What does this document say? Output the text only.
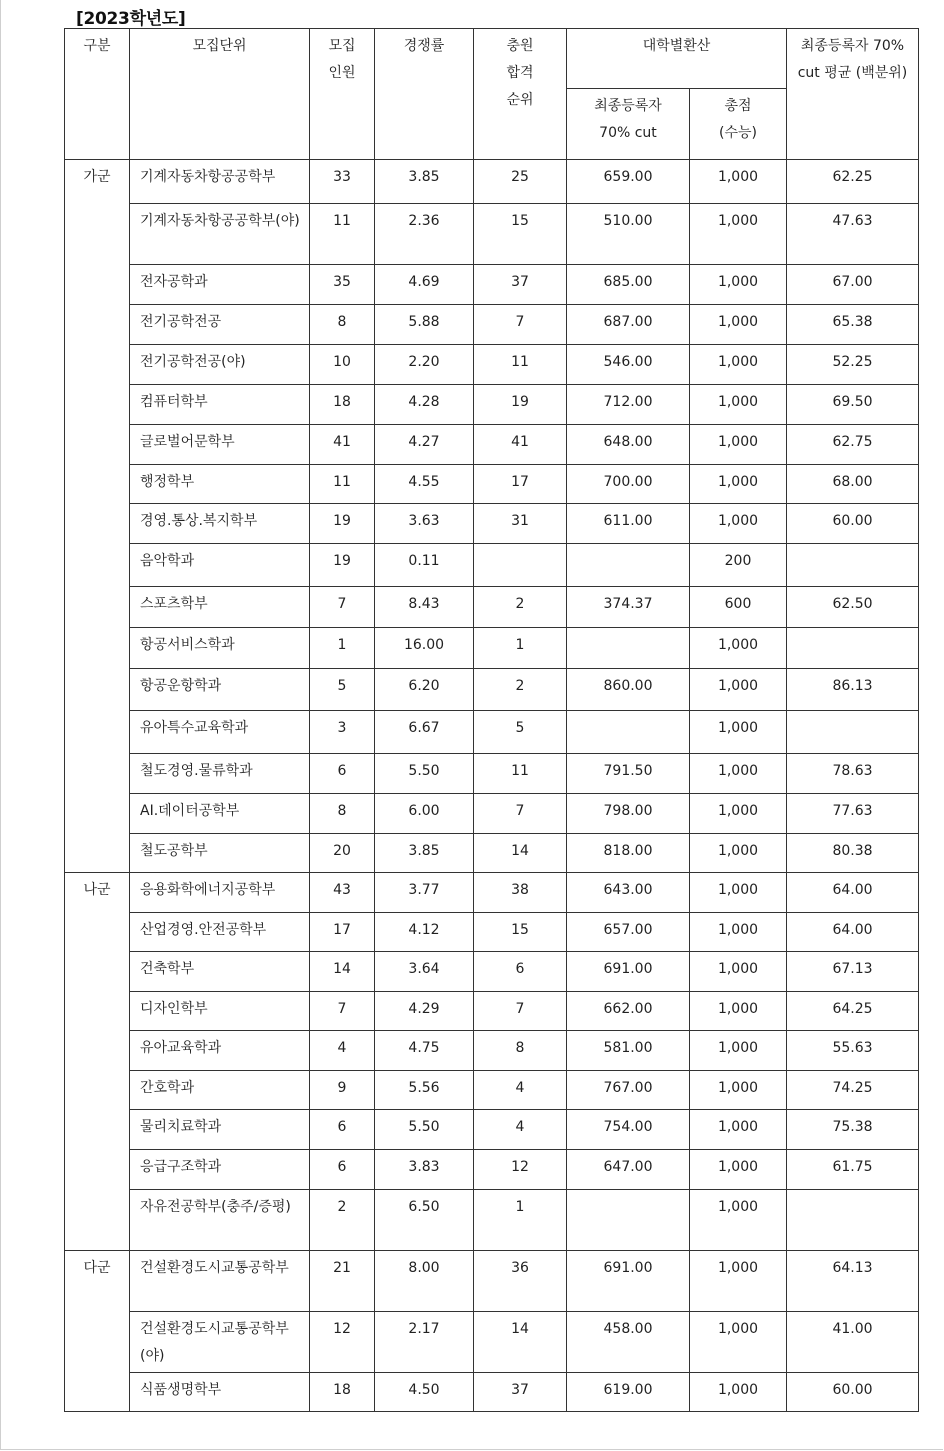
[2023학년도]
구분	모집단위	모집인원	경쟁률	충원합격순위	대학별환산		최종등록자 70% cut 평균 (백분위)
					최종등록자 70% cut	총점 (수능)	
가군	기계자동차항공공학부	33	3.85	25	659.00	1,000	62.25
	기계자동차항공공학부(야)	11	2.36	15	510.00	1,000	47.63
	전자공학과	35	4.69	37	685.00	1,000	67.00
	전기공학전공	8	5.88	7	687.00	1,000	65.38
	전기공학전공(야)	10	2.20	11	546.00	1,000	52.25
	컴퓨터학부	18	4.28	19	712.00	1,000	69.50
	글로벌어문학부	41	4.27	41	648.00	1,000	62.75
	행정학부	11	4.55	17	700.00	1,000	68.00
	경영.통상.복지학부	19	3.63	31	611.00	1,000	60.00
	음악학과	19	0.11			200	
	스포츠학부	7	8.43	2	374.37	600	62.50
	항공서비스학과	1	16.00	1		1,000	
	항공운항학과	5	6.20	2	860.00	1,000	86.13
	유아특수교육학과	3	6.67	5		1,000	
	철도경영.물류학과	6	5.50	11	791.50	1,000	78.63
	AI.데이터공학부	8	6.00	7	798.00	1,000	77.63
	철도공학부	20	3.85	14	818.00	1,000	80.38
나군	응용화학에너지공학부	43	3.77	38	643.00	1,000	64.00
	산업경영.안전공학부	17	4.12	15	657.00	1,000	64.00
	건축학부	14	3.64	6	691.00	1,000	67.13
	디자인학부	7	4.29	7	662.00	1,000	64.25
	유아교육학과	4	4.75	8	581.00	1,000	55.63
	간호학과	9	5.56	4	767.00	1,000	74.25
	물리치료학과	6	5.50	4	754.00	1,000	75.38
	응급구조학과	6	3.83	12	647.00	1,000	61.75
	자유전공학부(충주/증평)	2	6.50	1		1,000	
다군	건설환경도시교통공학부	21	8.00	36	691.00	1,000	64.13
	건설환경도시교통공학부(야)	12	2.17	14	458.00	1,000	41.00
	식품생명학부	18	4.50	37	619.00	1,000	60.00
